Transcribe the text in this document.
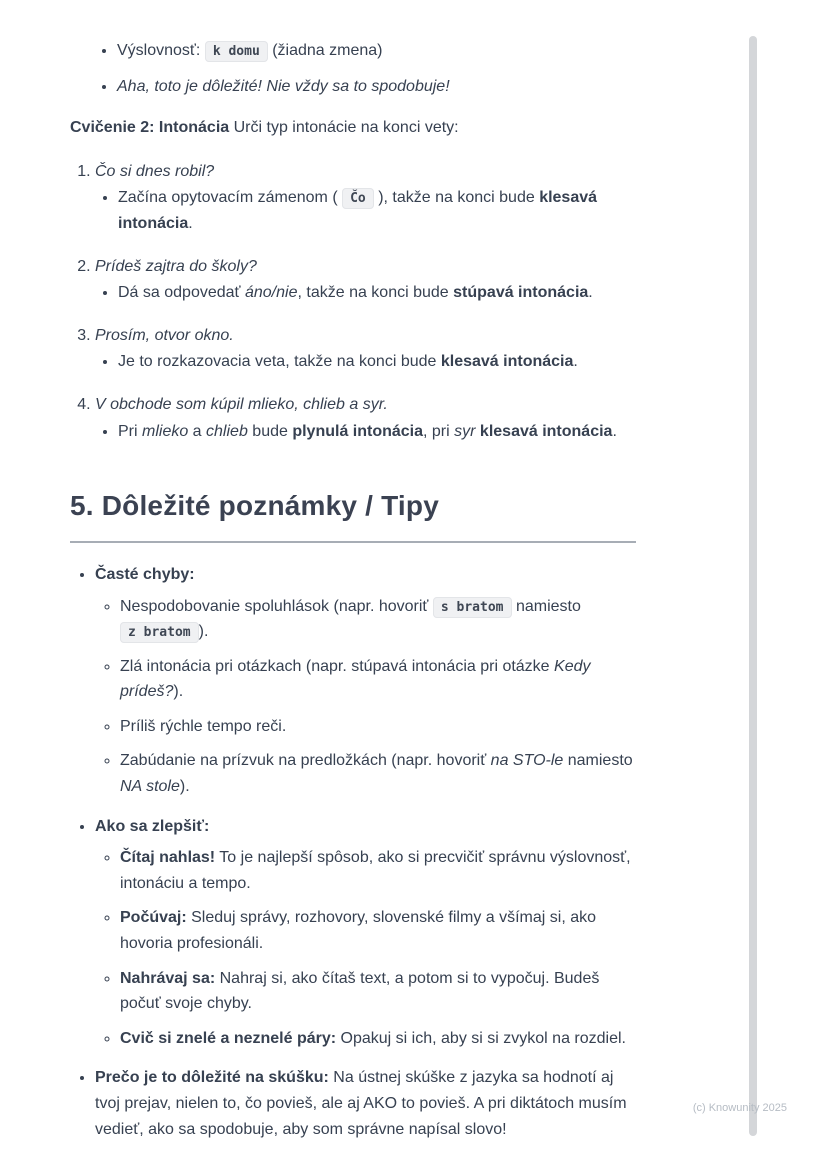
• Výslovnosť: k domu (žiadna zmena)
• Aha, toto je dôležité! Nie vždy sa to spodobuje!

Cvičenie 2: Intonácia Urči typ intonácie na konci vety:

1. Čo si dnes robil?
• Začína opytovacím zámenom ( Čo ), takže na konci bude klesavá intonácia.
2. Prídeš zajtra do školy?
• Dá sa odpovedať áno/nie, takže na konci bude stúpavá intonácia.
3. Prosím, otvor okno.
• Je to rozkazovacia veta, takže na konci bude klesavá intonácia.
4. V obchode som kúpil mlieko, chlieb a syr.
• Pri mlieko a chlieb bude plynulá intonácia, pri syr klesavá intonácia.
5. Dôležité poznámky / Tipy
• Časté chyby:
◦ Nespodobovanie spoluhlások (napr. hovoriť s bratom namiesto z bratom ).
◦ Zlá intonácia pri otázkach (napr. stúpavá intonácia pri otázke Kedy prídeš?).
◦ Príliš rýchle tempo reči.
◦ Zabúdanie na prízvuk na predložkách (napr. hovoriť na STO-le namiesto NA stole).
• Ako sa zlepšiť:
◦ Čítaj nahlas! To je najlepší spôsob, ako si precvičiť správnu výslovnosť, intonáciu a tempo.
◦ Počúvaj: Sleduj správy, rozhovory, slovenské filmy a všímaj si, ako hovoria profesionáli.
◦ Nahrávaj sa: Nahraj si, ako čítaš text, a potom si to vypočuj. Budeš počuť svoje chyby.
◦ Cvič si znelé a neznelé páry: Opakuj si ich, aby si si zvykol na rozdiel.
• Prečo je to dôležité na skúšku: Na ústnej skúške z jazyka sa hodnotí aj tvoj prejav, nielen to, čo povieš, ale aj AKO to povieš. A pri diktátoch musím vedieť, ako sa spodobuje, aby som správne napísal slovo!
(c) Knowunity 2025
